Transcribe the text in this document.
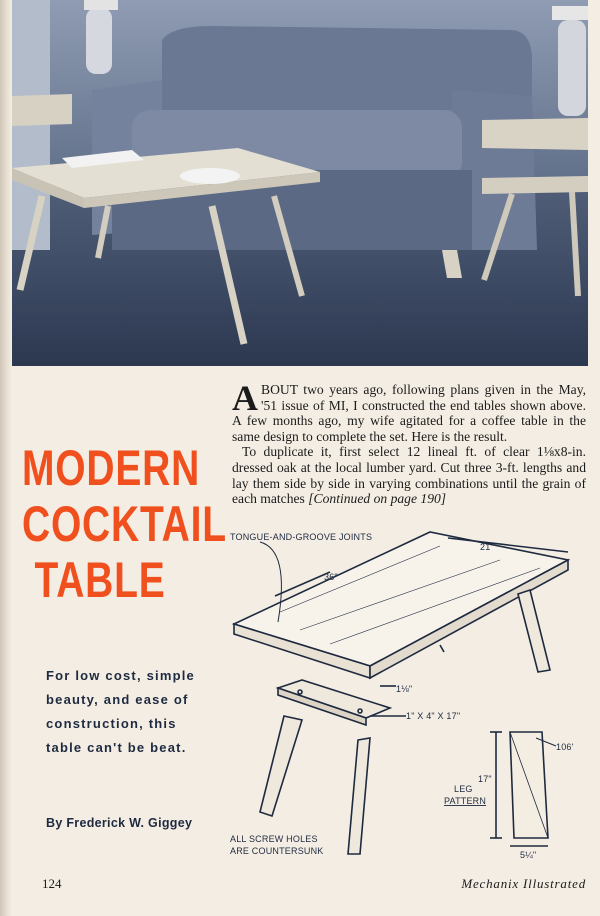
ABOUT two years ago, following plans given in the May, '51 issue of MI, I constructed the end tables shown above. A few months ago, my wife agitated for a coffee table in the same design to complete the set. Here is the result.

To duplicate it, first select 12 lineal ft. of clear 1⅛x8-in. dressed oak at the local lumber yard. Cut three 3-ft. lengths and lay them side by side in varying combinations until the grain of each matches [Continued on page 190]

MODERN
COCKTAIL
TABLE
For low cost, simple beauty, and ease of construction, this table can't be beat.
By Frederick W. Giggey
TONGUE-AND-GROOVE JOINTS
21"
36"
1⅛"
1" X 4" X 17"
LEG
PATTERN
17"
106'
5¼"
ALL SCREW HOLES
ARE COUNTERSUNK
124	Mechanix Illustrated
